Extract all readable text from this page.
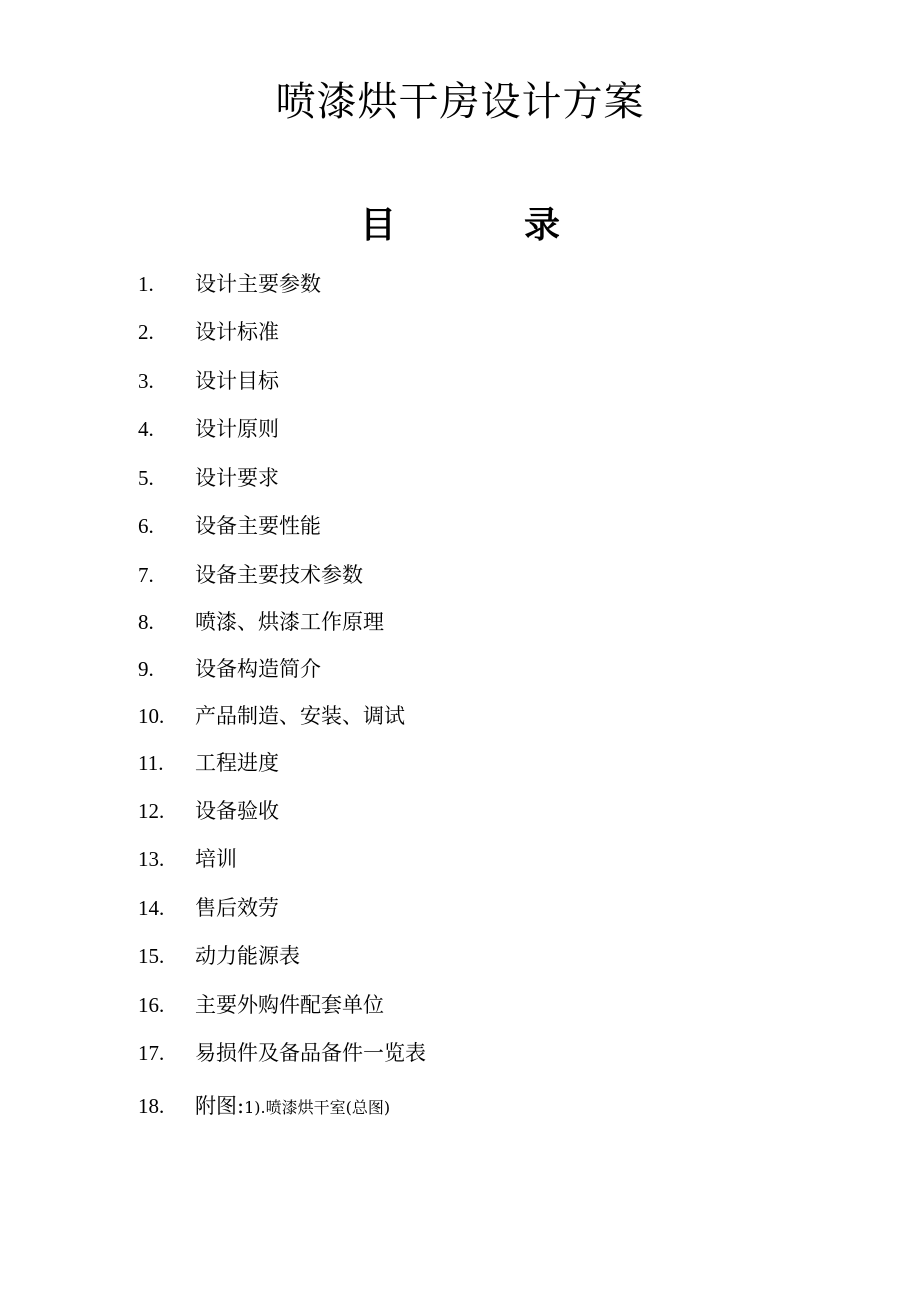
喷漆烘干房设计方案
目	录
1. 设计主要参数
2. 设计标准
3. 设计目标
4. 设计原则
5. 设计要求
6. 设备主要性能
7. 设备主要技术参数
8. 喷漆、烘漆工作原理
9. 设备构造简介
10. 产品制造、安装、调试
11. 工程进度
12. 设备验收
13. 培训
14. 售后效劳
15. 动力能源表
16. 主要外购件配套单位
17. 易损件及备品备件一览表
18. 附图:1).喷漆烘干室(总图)
